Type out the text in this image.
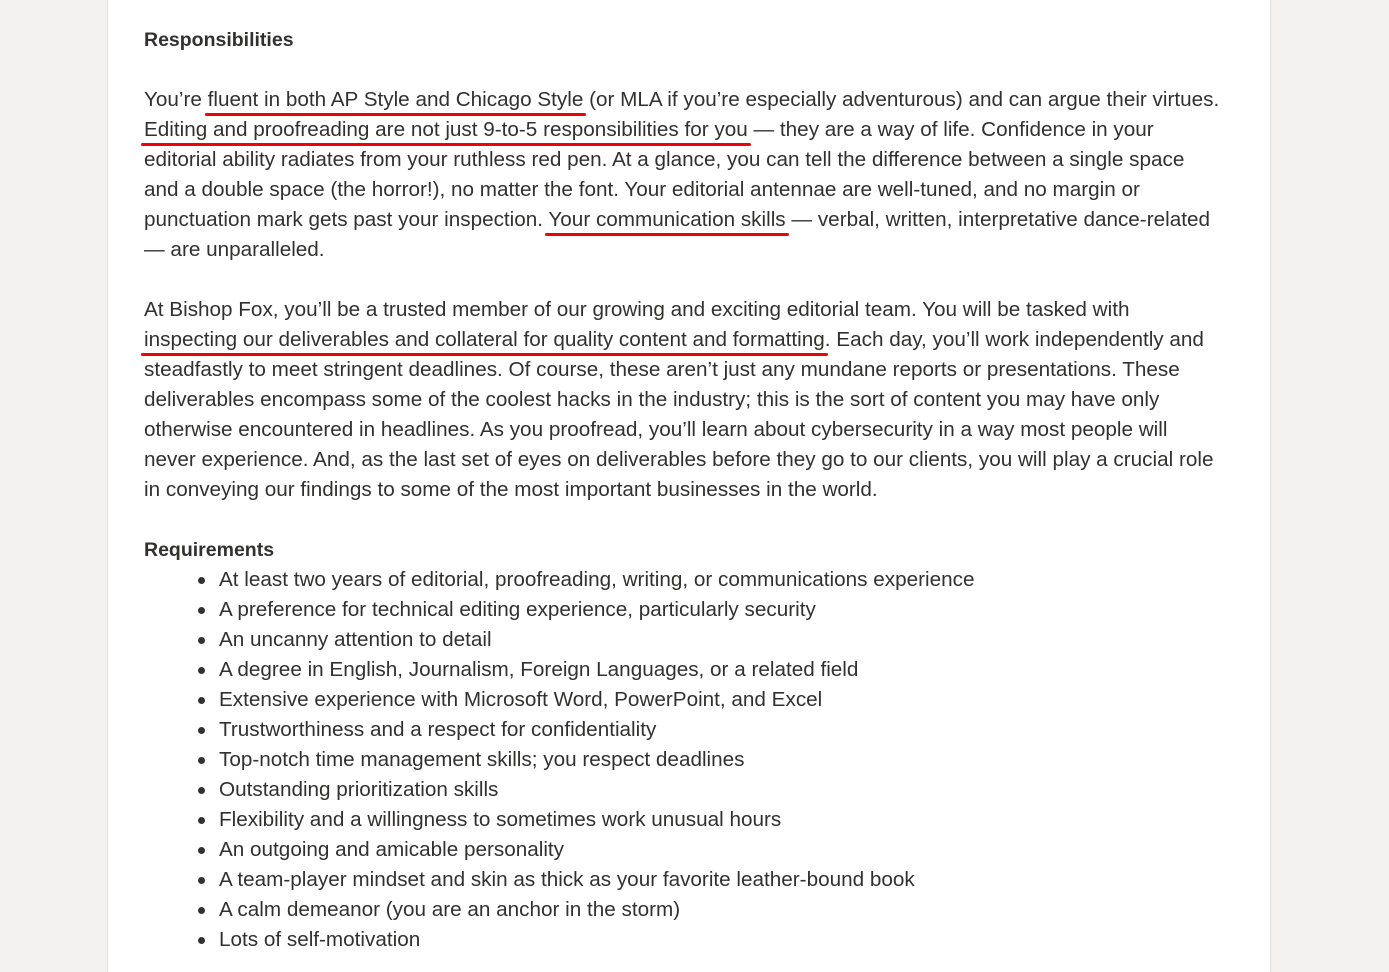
Responsibilities
You’re fluent in both AP Style and Chicago Style (or MLA if you’re especially adventurous) and can argue their virtues.
Editing and proofreading are not just 9-to-5 responsibilities for you — they are a way of life. Confidence in your
editorial ability radiates from your ruthless red pen. At a glance, you can tell the difference between a single space
and a double space (the horror!), no matter the font. Your editorial antennae are well-tuned, and no margin or
punctuation mark gets past your inspection. Your communication skills — verbal, written, interpretative dance-related
— are unparalleled.
At Bishop Fox, you’ll be a trusted member of our growing and exciting editorial team. You will be tasked with
inspecting our deliverables and collateral for quality content and formatting. Each day, you’ll work independently and
steadfastly to meet stringent deadlines. Of course, these aren’t just any mundane reports or presentations. These
deliverables encompass some of the coolest hacks in the industry; this is the sort of content you may have only
otherwise encountered in headlines. As you proofread, you’ll learn about cybersecurity in a way most people will
never experience. And, as the last set of eyes on deliverables before they go to our clients, you will play a crucial role
in conveying our findings to some of the most important businesses in the world.
Requirements
At least two years of editorial, proofreading, writing, or communications experience
A preference for technical editing experience, particularly security
An uncanny attention to detail
A degree in English, Journalism, Foreign Languages, or a related field
Extensive experience with Microsoft Word, PowerPoint, and Excel
Trustworthiness and a respect for confidentiality
Top-notch time management skills; you respect deadlines
Outstanding prioritization skills
Flexibility and a willingness to sometimes work unusual hours
An outgoing and amicable personality
A team-player mindset and skin as thick as your favorite leather-bound book
A calm demeanor (you are an anchor in the storm)
Lots of self-motivation
